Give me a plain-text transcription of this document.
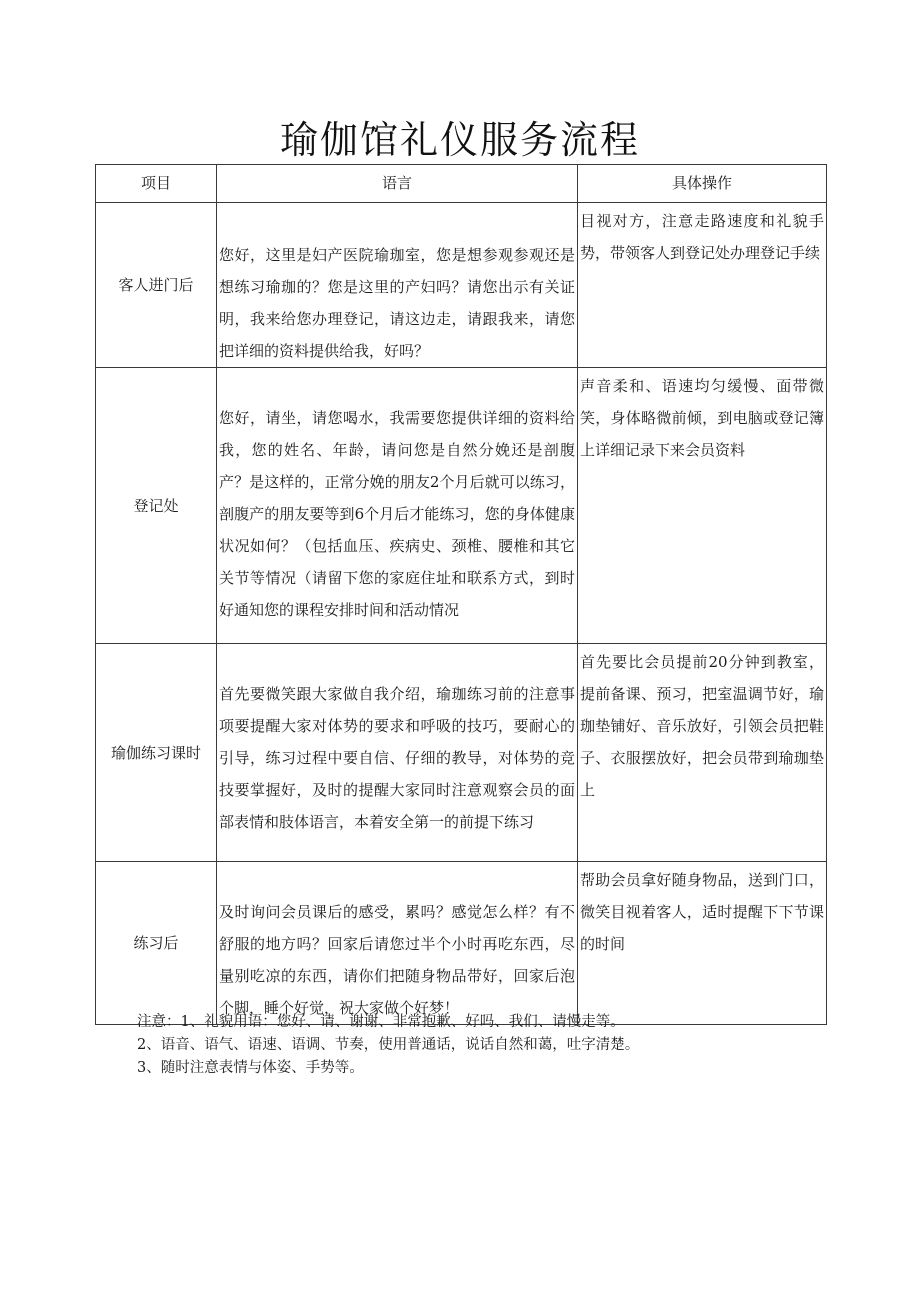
瑜伽馆礼仪服务流程
项目	语言	具体操作
客人进门后	您好，这里是妇产医院瑜珈室，您是想参观参观还是想练习瑜珈的？您是这里的产妇吗？请您出示有关证明，我来给您办理登记，请这边走，请跟我来，请您把详细的资料提供给我，好吗？	目视对方，注意走路速度和礼貌手势，带领客人到登记处办理登记手续
登记处	您好，请坐，请您喝水，我需要您提供详细的资料给我，您的姓名、年龄，请问您是自然分娩还是剖腹产？是这样的，正常分娩的朋友2个月后就可以练习，剖腹产的朋友要等到6个月后才能练习，您的身体健康状况如何？（包括血压、疾病史、颈椎、腰椎和其它关节等情况（请留下您的家庭住址和联系方式，到时好通知您的课程安排时间和活动情况	声音柔和、语速均匀缓慢、面带微笑，身体略微前倾，到电脑或登记簿上详细记录下来会员资料
瑜伽练习课时	首先要微笑跟大家做自我介绍，瑜珈练习前的注意事项要提醒大家对体势的要求和呼吸的技巧，要耐心的引导，练习过程中要自信、仔细的教导，对体势的竞技要掌握好，及时的提醒大家同时注意观察会员的面部表情和肢体语言，本着安全第一的前提下练习	首先要比会员提前20分钟到教室，提前备课、预习，把室温调节好，瑜珈垫铺好、音乐放好，引领会员把鞋子、衣服摆放好，把会员带到瑜珈垫上
练习后	及时询问会员课后的感受，累吗？感觉怎么样？有不舒服的地方吗？回家后请您过半个小时再吃东西，尽量别吃凉的东西，请你们把随身物品带好，回家后泡个脚，睡个好觉，祝大家做个好梦！	帮助会员拿好随身物品，送到门口，微笑目视着客人，适时提醒下下节课的时间
注意：1、礼貌用语：您好、请、谢谢、非常抱歉、好吗、我们、请慢走等。
2、语音、语气、语速、语调、节奏，使用普通话，说话自然和蔼，吐字清楚。
3、随时注意表情与体姿、手势等。
